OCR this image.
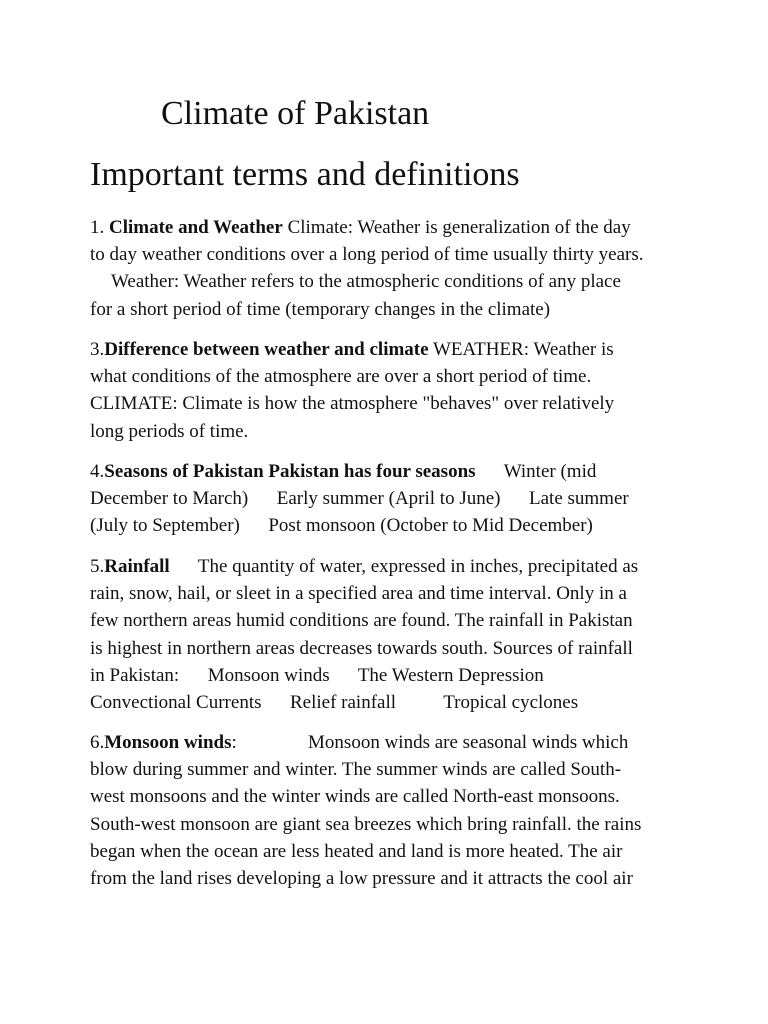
Climate of Pakistan
Important terms and definitions
1. Climate and Weather Climate: Weather is generalization of the day
to day weather conditions over a long period of time usually thirty years.
Weather: Weather refers to the atmospheric conditions of any place
for a short period of time (temporary changes in the climate)
3.Difference between weather and climate WEATHER: Weather is
what conditions of the atmosphere are over a short period of time.
CLIMATE: Climate is how the atmosphere "behaves" over relatively
long periods of time.
4.Seasons of Pakistan Pakistan has four seasons Winter (mid
December to March) Early summer (April to June) Late summer
(July to September) Post monsoon (October to Mid December)
5.Rainfall The quantity of water, expressed in inches, precipitated as
rain, snow, hail, or sleet in a specified area and time interval. Only in a
few northern areas humid conditions are found. The rainfall in Pakistan
is highest in northern areas decreases towards south. Sources of rainfall
in Pakistan: Monsoon winds The Western Depression
Convectional Currents Relief rainfall Tropical cyclones
6.Monsoon winds:	Monsoon winds are seasonal winds which
blow during summer and winter. The summer winds are called South-
west monsoons and the winter winds are called North-east monsoons.
South-west monsoon are giant sea breezes which bring rainfall. the rains
began when the ocean are less heated and land is more heated. The air
from the land rises developing a low pressure and it attracts the cool air
